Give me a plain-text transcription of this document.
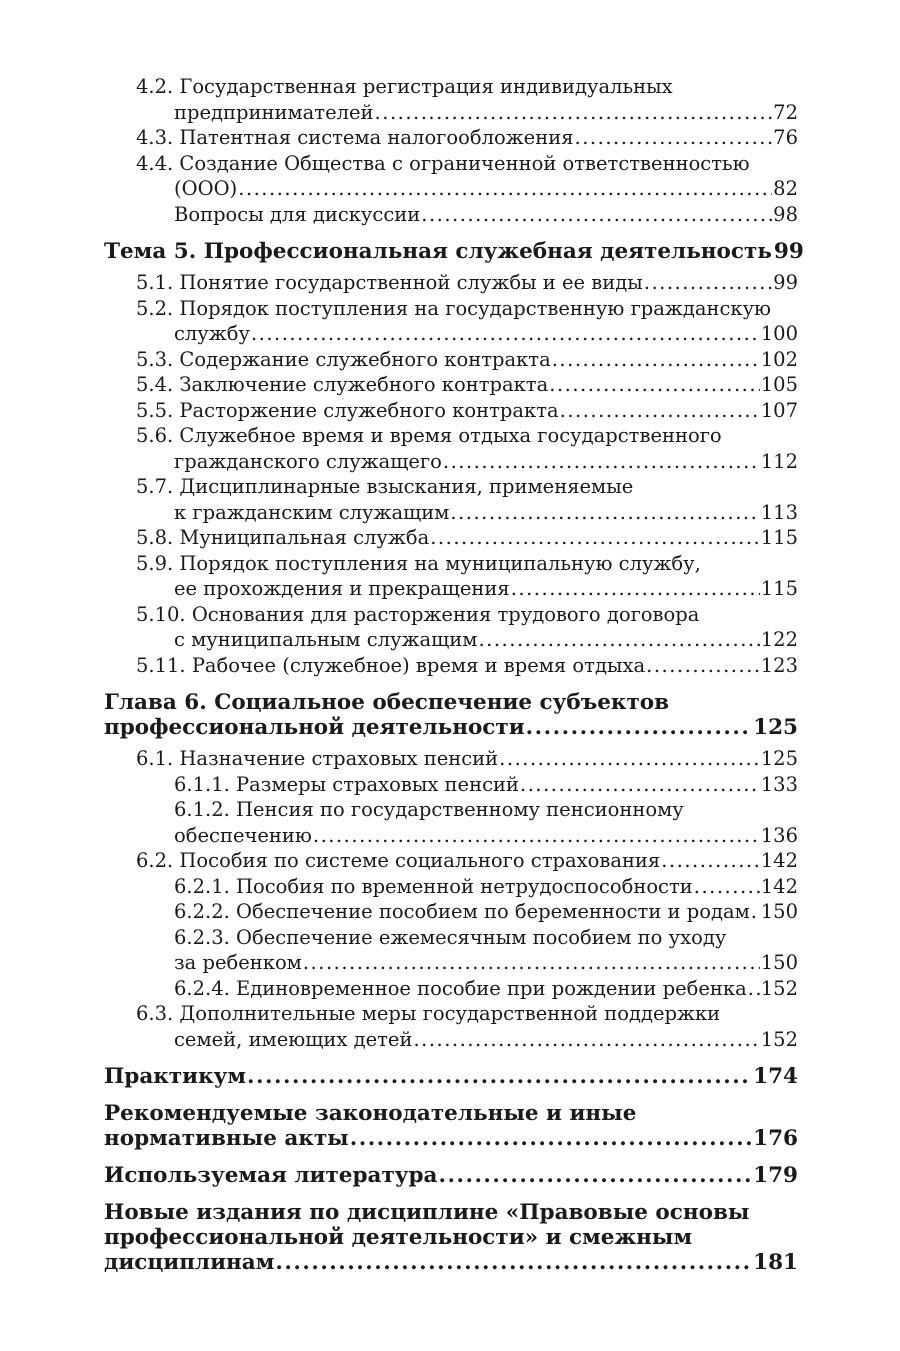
4.2. Государственная регистрация индивидуальных
предпринимателей .....	72
4.3. Патентная система налогообложения .....	76
4.4. Создание Общества с ограниченной ответственностью
(ООО) .....	82
Вопросы для дискуссии .....	98
Тема 5. Профессиональная служебная деятельность 99
5.1. Понятие государственной службы и ее виды .....	99
5.2. Порядок поступления на государственную гражданскую
службу .....	100
5.3. Содержание служебного контракта .....	102
5.4. Заключение служебного контракта .....	105
5.5. Расторжение служебного контракта .....	107
5.6. Служебное время и время отдыха государственного
гражданского служащего .....	112
5.7. Дисциплинарные взыскания, применяемые
к гражданским служащим .....	113
5.8. Муниципальная служба .....	115
5.9. Порядок поступления на муниципальную службу,
ее прохождения и прекращения .....	115
5.10. Основания для расторжения трудового договора
с муниципальным служащим .....	122
5.11. Рабочее (служебное) время и время отдыха .....	123
Глава 6. Социальное обеспечение субъектов
профессиональной деятельности .....	125
6.1. Назначение страховых пенсий .....	125
6.1.1. Размеры страховых пенсий .....	133
6.1.2. Пенсия по государственному пенсионному
обеспечению .....	136
6.2. Пособия по системе социального страхования .....	142
6.2.1. Пособия по временной нетрудоспособности .....	142
6.2.2. Обеспечение пособием по беременности и родам ..... 150
6.2.3. Обеспечение ежемесячным пособием по уходу
за ребенком .....	150
6.2.4. Единовременное пособие при рождении ребенка ..... 152
6.3. Дополнительные меры государственной поддержки
семей, имеющих детей .....	152
Практикум .....	174
Рекомендуемые законодательные и иные
нормативные акты .....	176
Используемая литература .....	179
Новые издания по дисциплине «Правовые основы
профессиональной деятельности» и смежным
дисциплинам .....	181
